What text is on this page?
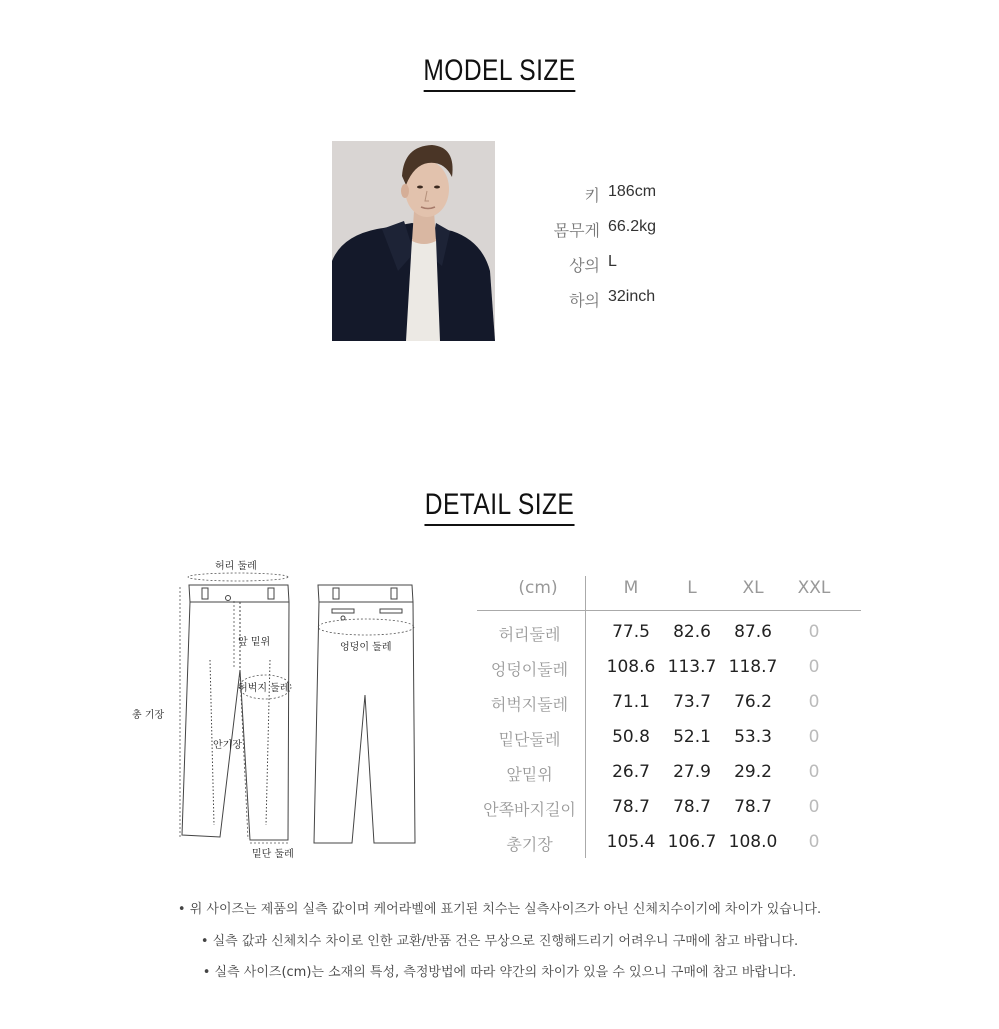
MODEL SIZE
키 186cm
몸무게 66.2kg
상의 L
하의 32inch
DETAIL SIZE
허리 둘레
앞 밑위
허벅지 둘레
안기장
총 기장
밑단 둘레
엉덩이 둘레
(cm)	M	L	XL	XXL
허리둘레	77.5	82.6	87.6	0
엉덩이둘레	108.6 113.7 118.7	0
허벅지둘레	71.1	73.7	76.2	0
밑단둘레	50.8	52.1	53.3	0
앞밑위	26.7	27.9	29.2	0
안쪽바지길이	78.7	78.7	78.7	0
총기장	105.4 106.7 108.0	0
• 위 사이즈는 제품의 실측 값이며 케어라벨에 표기된 치수는 실측사이즈가 아닌 신체치수이기에 차이가 있습니다.
• 실측 값과 신체치수 차이로 인한 교환/반품 건은 무상으로 진행해드리기 어려우니 구매에 참고 바랍니다.
• 실측 사이즈(cm)는 소재의 특성, 측정방법에 따라 약간의 차이가 있을 수 있으니 구매에 참고 바랍니다.
